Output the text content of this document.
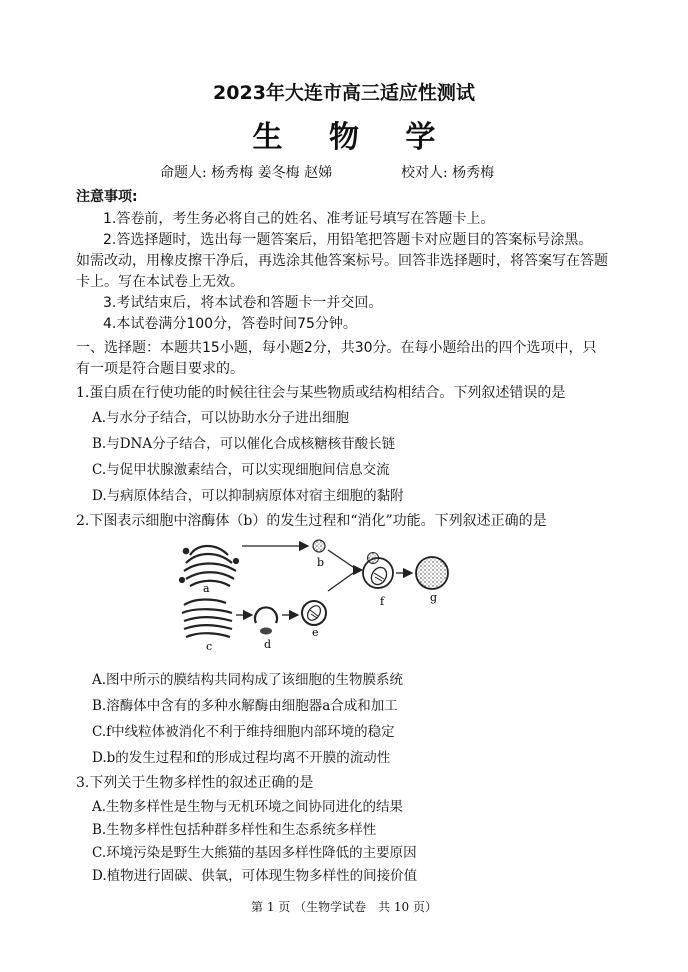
2023年大连市高三适应性测试
生 物 学
命题人: 杨秀梅 姜冬梅 赵娣	校对人: 杨秀梅
注意事项:
1.答卷前，考生务必将自己的姓名、准考证号填写在答题卡上。
2.答选择题时，选出每一题答案后，用铅笔把答题卡对应题目的答案标号涂黑。
如需改动，用橡皮擦干净后，再选涂其他答案标号。回答非选择题时，将答案写在答题
卡上。写在本试卷上无效。
3.考试结束后，将本试卷和答题卡一并交回。
4.本试卷满分100分，答卷时间75分钟。
一、选择题：本题共15小题，每小题2分，共30分。在每小题给出的四个选项中，只
有一项是符合题目要求的。
1.蛋白质在行使功能的时候往往会与某些物质或结构相结合。下列叙述错误的是
A.与水分子结合，可以协助水分子进出细胞
B.与DNA分子结合，可以催化合成核糖核苷酸长链
C.与促甲状腺激素结合，可以实现细胞间信息交流
D.与病原体结合，可以抑制病原体对宿主细胞的黏附
2.下图表示细胞中溶酶体（b）的发生过程和“消化”功能。下列叙述正确的是
a
b
f	g
c	d
e
A.图中所示的膜结构共同构成了该细胞的生物膜系统
B.溶酶体中含有的多种水解酶由细胞器a合成和加工
C.f中线粒体被消化不利于维持细胞内部环境的稳定
D.b的发生过程和f的形成过程均离不开膜的流动性
3.下列关于生物多样性的叙述正确的是
A.生物多样性是生物与无机环境之间协同进化的结果
B.生物多样性包括种群多样性和生态系统多样性
C.环境污染是野生大熊猫的基因多样性降低的主要原因
D.植物进行固碳、供氧，可体现生物多样性的间接价值
第 1 页 （生物学试卷　共 10 页）
